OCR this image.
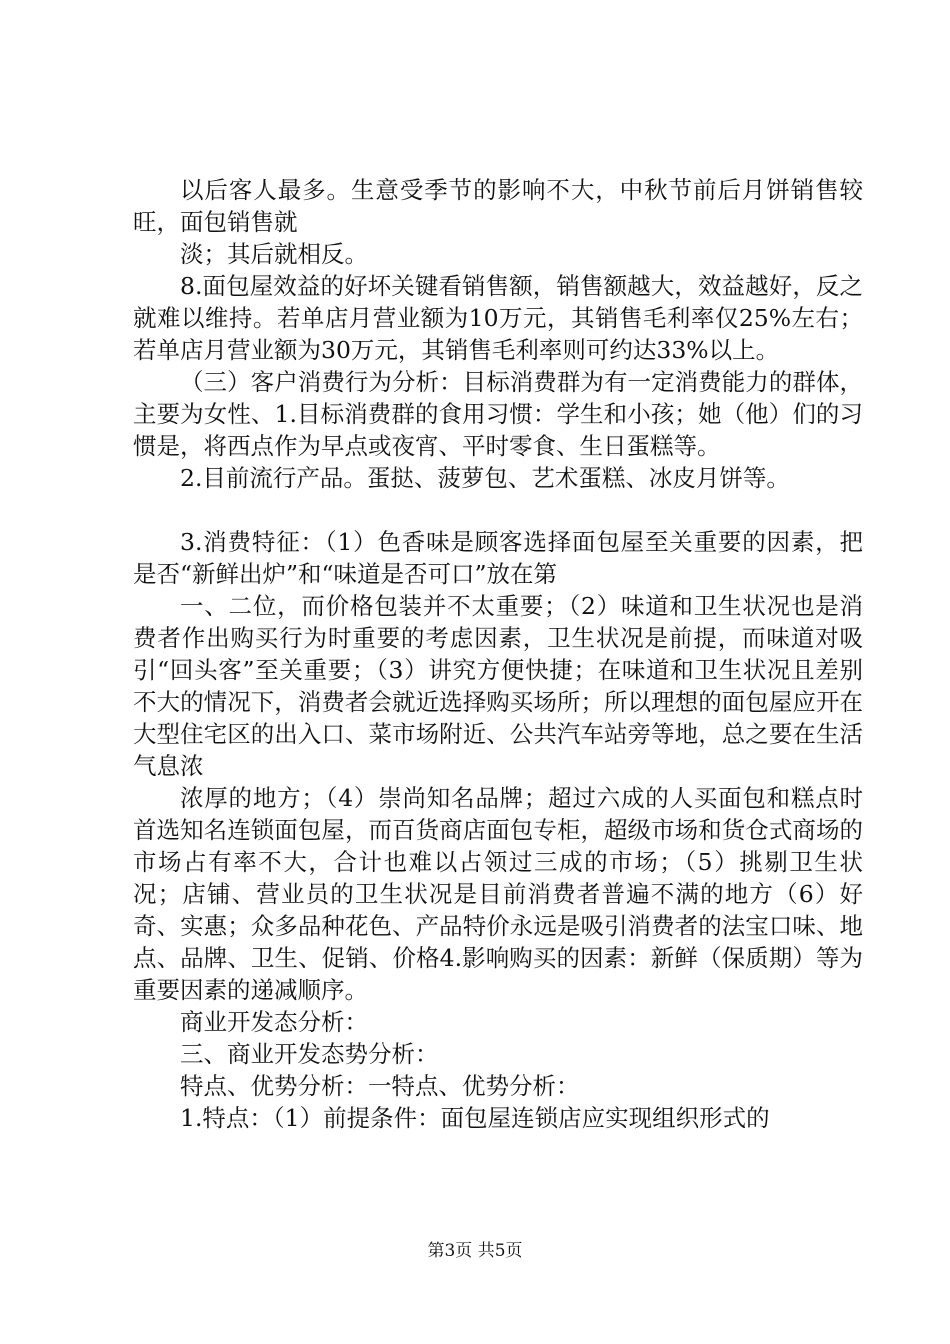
以后客人最多。生意受季节的影响不大，中秋节前后月饼销售较旺，面包销售就

淡；其后就相反。

8.面包屋效益的好坏关键看销售额，销售额越大，效益越好，反之就难以维持。若单店月营业额为10万元，其销售毛利率仅25%左右；若单店月营业额为30万元，其销售毛利率则可约达33%以上。

（三）客户消费行为分析：目标消费群为有一定消费能力的群体，主要为女性、1.目标消费群的食用习惯：学生和小孩；她（他）们的习惯是，将西点作为早点或夜宵、平时零食、生日蛋糕等。

2.目前流行产品。蛋挞、菠萝包、艺术蛋糕、冰皮月饼等。

3.消费特征：（1）色香味是顾客选择面包屋至关重要的因素，把是否“新鲜出炉”和“味道是否可口”放在第

一、二位，而价格包装并不太重要；（2）味道和卫生状况也是消费者作出购买行为时重要的考虑因素，卫生状况是前提，而味道对吸引“回头客”至关重要；（3）讲究方便快捷；在味道和卫生状况且差别不大的情况下，消费者会就近选择购买场所；所以理想的面包屋应开在大型住宅区的出入口、菜市场附近、公共汽车站旁等地，总之要在生活气息浓

浓厚的地方；（4）崇尚知名品牌；超过六成的人买面包和糕点时首选知名连锁面包屋，而百货商店面包专柜，超级市场和货仓式商场的市场占有率不大，合计也难以占领过三成的市场；（5）挑剔卫生状况；店铺、营业员的卫生状况是目前消费者普遍不满的地方（6）好奇、实惠；众多品种花色、产品特价永远是吸引消费者的法宝口味、地点、品牌、卫生、促销、价格4.影响购买的因素：新鲜（保质期）等为重要因素的递减顺序。

商业开发态分析：

三、商业开发态势分析：

特点、优势分析：一特点、优势分析：

1.特点：（1）前提条件：面包屋连锁店应实现组织形式的

第3页 共5页
